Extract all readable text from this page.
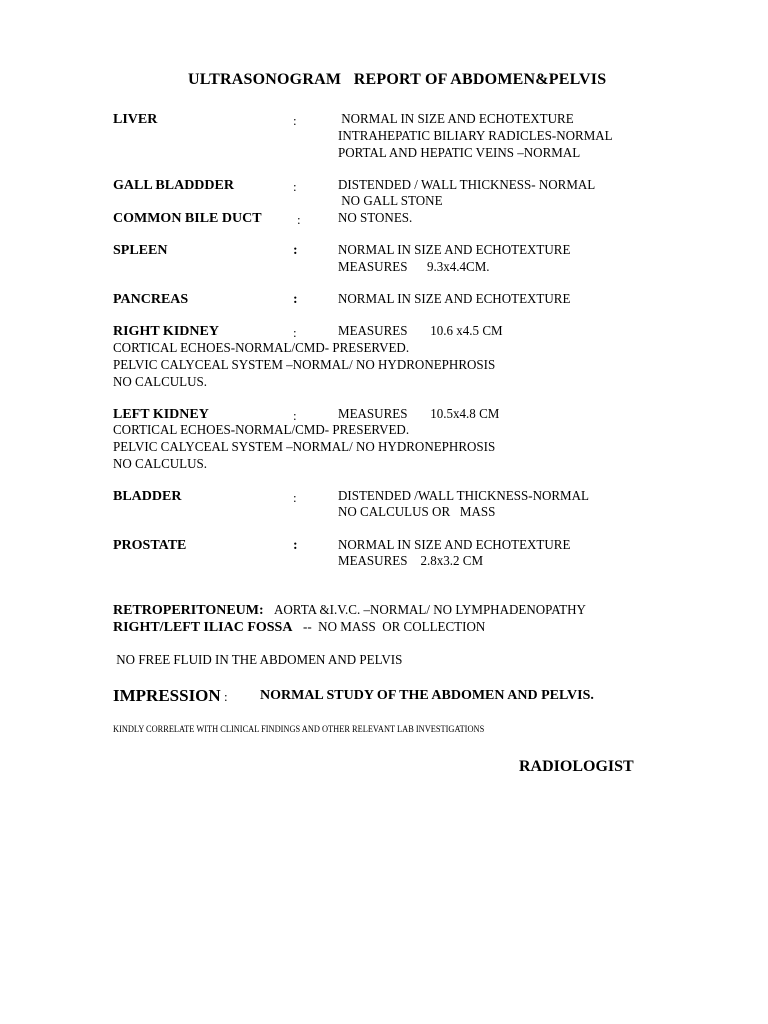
ULTRASONOGRAM   REPORT OF ABDOMEN&PELVIS
LIVER	:	NORMAL IN SIZE AND ECHOTEXTURE
INTRAHEPATIC BILIARY RADICLES-NORMAL
PORTAL AND HEPATIC VEINS –NORMAL
GALL BLADDDER	:	DISTENDED / WALL THICKNESS- NORMAL
NO GALL STONE
COMMON BILE DUCT	:	NO STONES.
SPLEEN	:	NORMAL IN SIZE AND ECHOTEXTURE
MEASURES      9.3x4.4CM.
PANCREAS	:	NORMAL IN SIZE AND ECHOTEXTURE
RIGHT KIDNEY	:	MEASURES       10.6 x4.5 CM
CORTICAL ECHOES-NORMAL/CMD- PRESERVED.
PELVIC CALYCEAL SYSTEM –NORMAL/ NO HYDRONEPHROSIS
NO CALCULUS.
LEFT KIDNEY	:	MEASURES       10.5x4.8 CM
CORTICAL ECHOES-NORMAL/CMD- PRESERVED.
PELVIC CALYCEAL SYSTEM –NORMAL/ NO HYDRONEPHROSIS
NO CALCULUS.
BLADDER	:	DISTENDED /WALL THICKNESS-NORMAL
NO CALCULUS OR   MASS
PROSTATE	:	NORMAL IN SIZE AND ECHOTEXTURE
MEASURES    2.8x3.2 CM
RETROPERITONEUM: AORTA &I.V.C. –NORMAL/ NO LYMPHADENOPATHY
RIGHT/LEFT ILIAC FOSSA --  NO MASS  OR COLLECTION
NO FREE FLUID IN THE ABDOMEN AND PELVIS
IMPRESSION : NORMAL STUDY OF THE ABDOMEN AND PELVIS.
KINDLY CORRELATE WITH CLINICAL FINDINGS AND OTHER RELEVANT LAB INVESTIGATIONS
RADIOLOGIST
